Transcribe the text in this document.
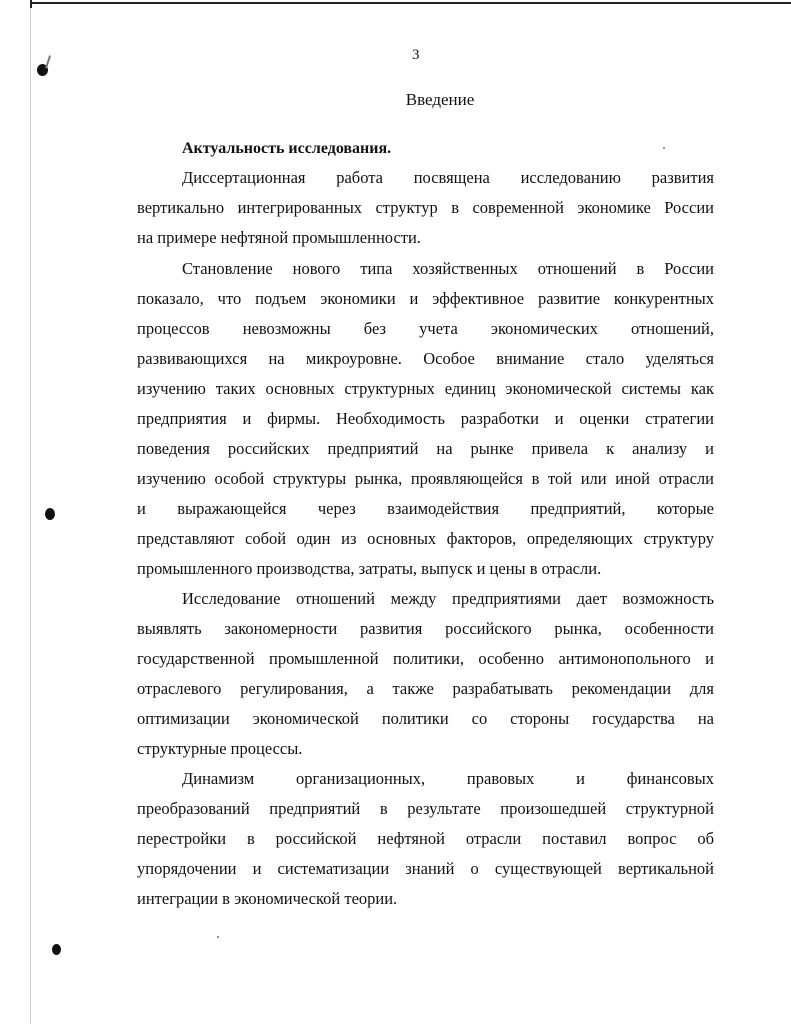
3
Введение
Актуальность исследования.
Диссертационная работа посвящена исследованию развития
вертикально интегрированных структур в современной экономике России
на примере нефтяной промышленности.
Становление нового типа хозяйственных отношений в России
показало, что подъем экономики и эффективное развитие конкурентных
процессов невозможны без учета экономических отношений,
развивающихся на микроуровне. Особое внимание стало уделяться
изучению таких основных структурных единиц экономической системы как
предприятия и фирмы. Необходимость разработки и оценки стратегии
поведения российских предприятий на рынке привела к анализу и
изучению особой структуры рынка, проявляющейся в той или иной отрасли
и выражающейся через взаимодействия предприятий, которые
представляют собой один из основных факторов, определяющих структуру
промышленного производства, затраты, выпуск и цены в отрасли.
Исследование отношений между предприятиями дает возможность
выявлять закономерности развития российского рынка, особенности
государственной промышленной политики, особенно антимонопольного и
отраслевого регулирования, а также разрабатывать рекомендации для
оптимизации экономической политики со стороны государства на
структурные процессы.
Динамизм организационных, правовых и финансовых
преобразований предприятий в результате произошедшей структурной
перестройки в российской нефтяной отрасли поставил вопрос об
упорядочении и систематизации знаний о существующей вертикальной
интеграции в экономической теории.
